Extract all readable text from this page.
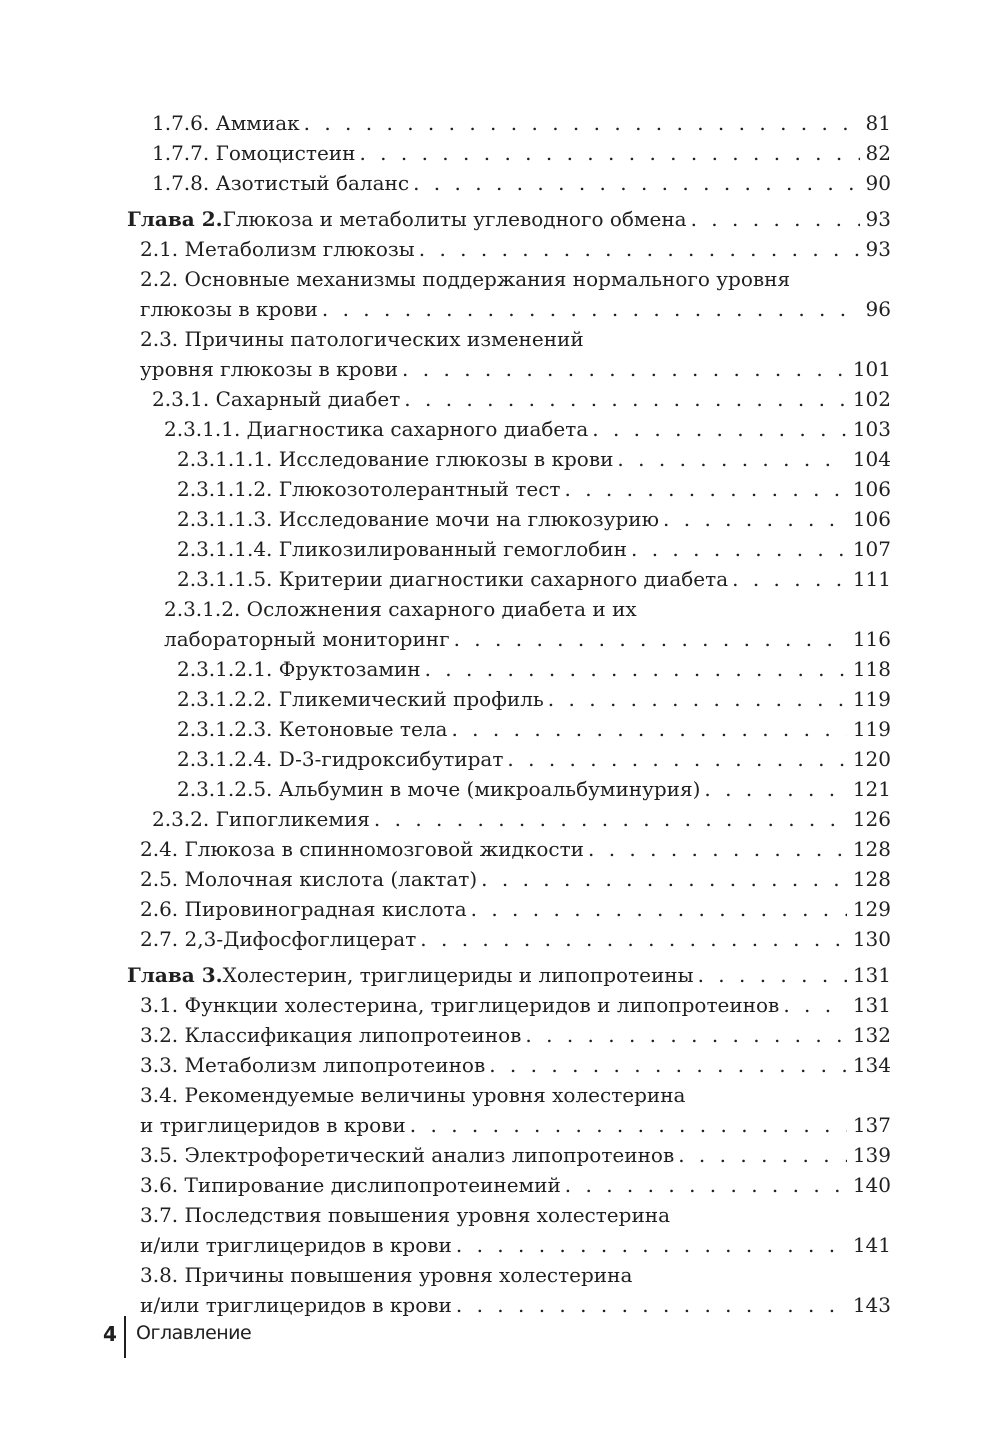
1.7.6. Аммиак . . .	81
1.7.7. Гомоцистеин . . .	82
1.7.8. Азотистый баланс . . .	90
Глава 2. Глюкоза и метаболиты углеводного обмена . . .	93
2.1. Метаболизм глюкозы . . .	93
2.2. Основные механизмы поддержания нормального уровня
глюкозы в крови . . .	96
2.3. Причины патологических изменений
уровня глюкозы в крови . . .	101
2.3.1. Сахарный диабет . . .	102
2.3.1.1. Диагностика сахарного диабета . . .	103
2.3.1.1.1. Исследование глюкозы в крови . . .	104
2.3.1.1.2. Глюкозотолерантный тест . . .	106
2.3.1.1.3. Исследование мочи на глюкозурию . . .	106
2.3.1.1.4. Гликозилированный гемоглобин . . .	107
2.3.1.1.5. Критерии диагностики сахарного диабета . . .	111
2.3.1.2. Осложнения сахарного диабета и их
лабораторный мониторинг . . .	116
2.3.1.2.1. Фруктозамин . . .	118
2.3.1.2.2. Гликемический профиль . . .	119
2.3.1.2.3. Кетоновые тела . . .	119
2.3.1.2.4. D-3-гидроксибутират . . .	120
2.3.1.2.5. Альбумин в моче (микроальбуминурия) . . .	121
2.3.2. Гипогликемия . . .	126
2.4. Глюкоза в спинномозговой жидкости . . .	128
2.5. Молочная кислота (лактат) . . .	128
2.6. Пировиноградная кислота . . .	129
2.7. 2,3-Дифосфоглицерат . . .	130
Глава 3. Холестерин, триглицериды и липопротеины . . .	131
3.1. Функции холестерина, триглицеридов и липопротеинов . . .	131
3.2. Классификация липопротеинов . . .	132
3.3. Метаболизм липопротеинов . . .	134
3.4. Рекомендуемые величины уровня холестерина
и триглицеридов в крови . . .	137
3.5. Электрофоретический анализ липопротеинов . . .	139
3.6. Типирование дислипопротеинемий . . .	140
3.7. Последствия повышения уровня холестерина
и/или триглицеридов в крови . . .	141
3.8. Причины повышения уровня холестерина
и/или триглицеридов в крови . . .	143
4 Оглавление
